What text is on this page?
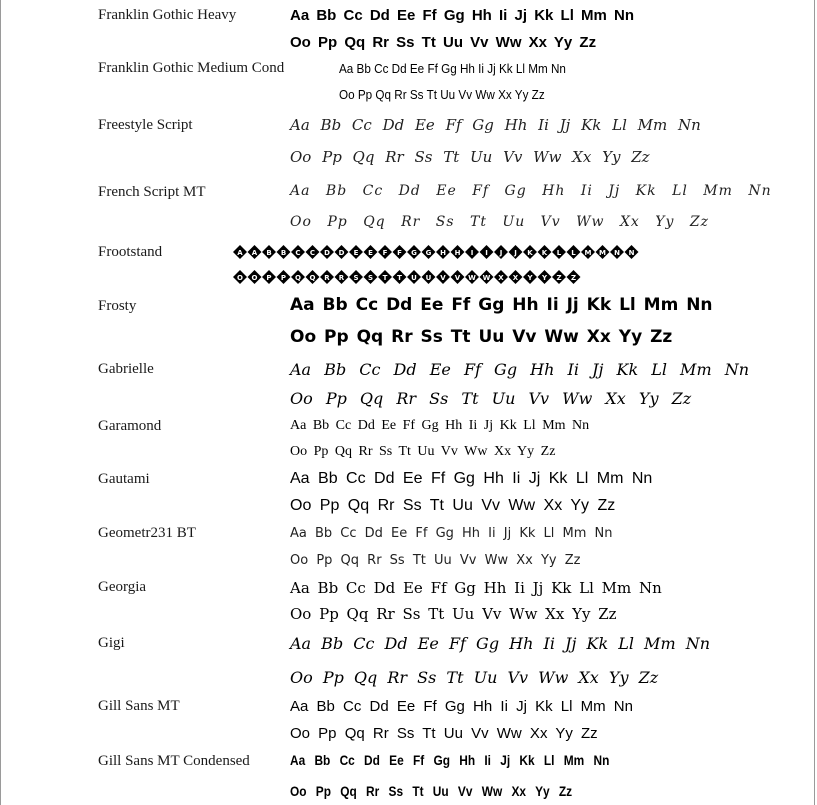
Franklin Gothic Heavy	Aa Bb Cc Dd Ee Ff Gg Hh Ii Jj Kk Ll Mm Nn
Oo Pp Qq Rr Ss Tt Uu Vv Ww Xx Yy Zz
Franklin Gothic Medium Cond	Aa Bb Cc Dd Ee Ff Gg Hh Ii Jj Kk Ll Mm Nn
Oo Pp Qq Rr Ss Tt Uu Vv Ww Xx Yy Zz
Freestyle Script	Aa Bb Cc Dd Ee Ff Gg Hh Ii Jj Kk Ll Mm Nn
Oo Pp Qq Rr Ss Tt Uu Vv Ww Xx Yy Zz
French Script MT	Aa Bb Cc Dd Ee Ff Gg Hh Ii Jj Kk Ll Mm Nn
Oo Pp Qq Rr Ss Tt Uu Vv Ww Xx Yy Zz
Frootstand	A A B B C C D D E E F F G G H H I I J J K K L L M M N N
O O P P Q Q R R S S T T U U V V W W X X Y Y Z Z
Frosty	Aa Bb Cc Dd Ee Ff Gg Hh Ii Jj Kk Ll Mm Nn
Oo Pp Qq Rr Ss Tt Uu Vv Ww Xx Yy Zz
Gabrielle	Aa Bb Cc Dd Ee Ff Gg Hh Ii Jj Kk Ll Mm Nn
Oo Pp Qq Rr Ss Tt Uu Vv Ww Xx Yy Zz
Garamond	Aa Bb Cc Dd Ee Ff Gg Hh Ii Jj Kk Ll Mm Nn
Oo Pp Qq Rr Ss Tt Uu Vv Ww Xx Yy Zz
Gautami	Aa Bb Cc Dd Ee Ff Gg Hh Ii Jj Kk Ll Mm Nn
Oo Pp Qq Rr Ss Tt Uu Vv Ww Xx Yy Zz
Geometr231 BT	Aa Bb Cc Dd Ee Ff Gg Hh Ii Jj Kk Ll Mm Nn
Oo Pp Qq Rr Ss Tt Uu Vv Ww Xx Yy Zz
Georgia	Aa Bb Cc Dd Ee Ff Gg Hh Ii Jj Kk Ll Mm Nn
Oo Pp Qq Rr Ss Tt Uu Vv Ww Xx Yy Zz
Gigi	Aa Bb Cc Dd Ee Ff Gg Hh Ii Jj Kk Ll Mm Nn
Oo Pp Qq Rr Ss Tt Uu Vv Ww Xx Yy Zz
Gill Sans MT	Aa Bb Cc Dd Ee Ff Gg Hh Ii Jj Kk Ll Mm Nn
Oo Pp Qq Rr Ss Tt Uu Vv Ww Xx Yy Zz
Gill Sans MT Condensed	Aa Bb Cc Dd Ee Ff Gg Hh Ii Jj Kk Ll Mm Nn
Oo Pp Qq Rr Ss Tt Uu Vv Ww Xx Yy Zz
